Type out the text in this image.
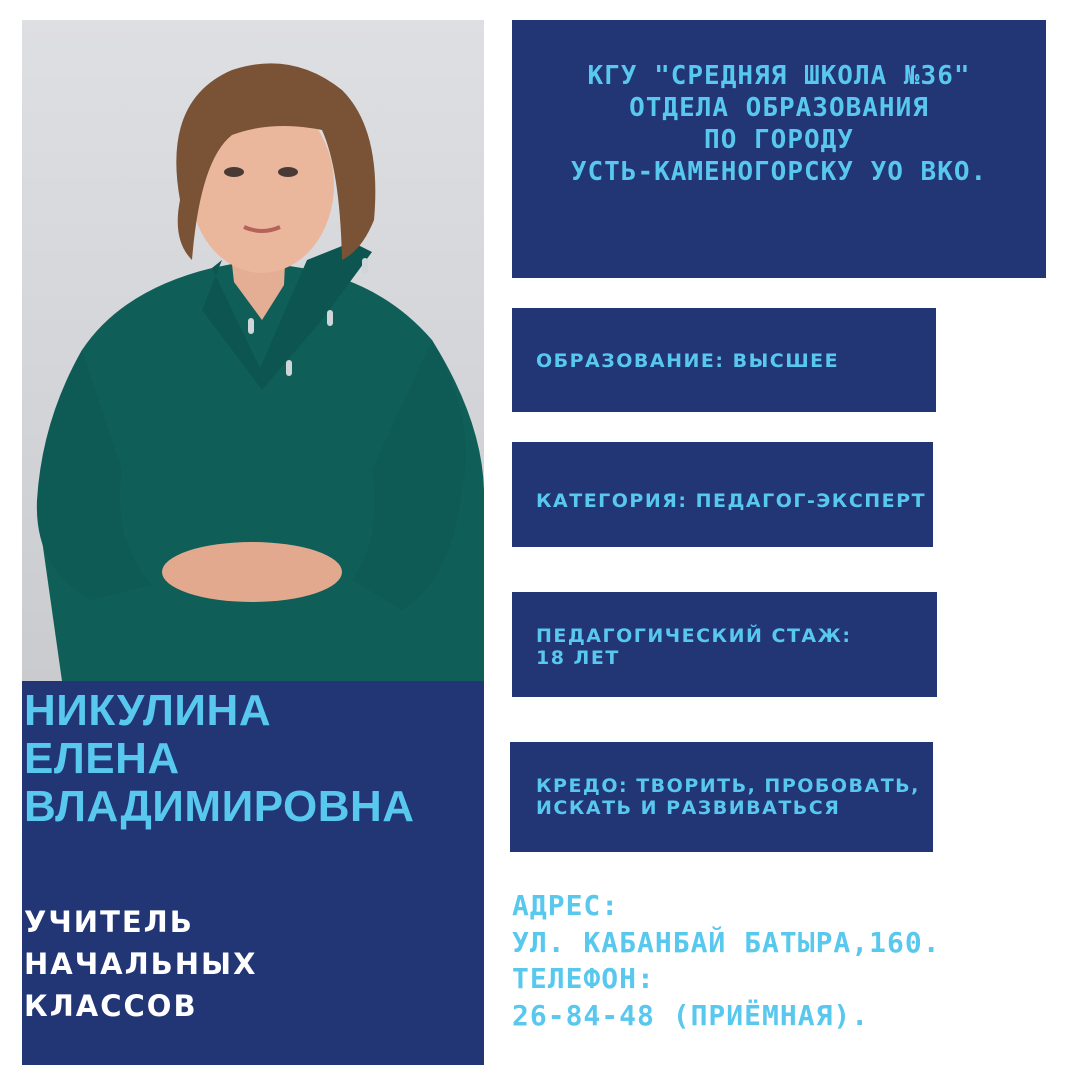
НИКУЛИНА
ЕЛЕНА
ВЛАДИМИРОВНА

УЧИТЕЛЬ
НАЧАЛЬНЫХ
КЛАССОВ

КГУ "СРЕДНЯЯ ШКОЛА №36"
ОТДЕЛА ОБРАЗОВАНИЯ
ПО ГОРОДУ
УСТЬ-КАМЕНОГОРСКУ УО ВКО.
ОБРАЗОВАНИЕ: ВЫСШЕЕ
КАТЕГОРИЯ: ПЕДАГОГ-ЭКСПЕРТ
ПЕДАГОГИЧЕСКИЙ СТАЖ:
18 ЛЕТ
КРЕДО: ТВОРИТЬ, ПРОБОВАТЬ,
ИСКАТЬ И РАЗВИВАТЬСЯ
АДРЕС:
УЛ. КАБАНБАЙ БАТЫРА,160.
ТЕЛЕФОН:
26-84-48 (ПРИЁМНАЯ).
